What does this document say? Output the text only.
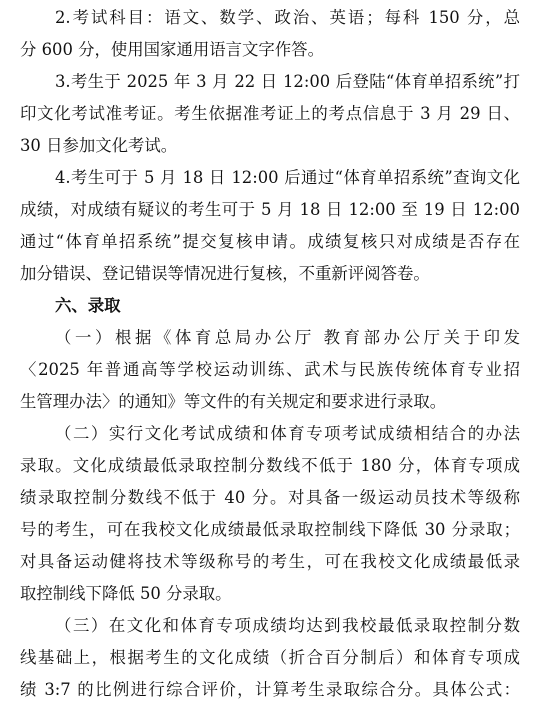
2.考试科目：语文、数学、政治、英语；每科 150 分，总
分 600 分，使用国家通用语言文字作答。
3.考生于 2025 年 3 月 22 日 12:00 后登陆“体育单招系统”打
印文化考试准考证。考生依据准考证上的考点信息于 3 月 29 日、
30 日参加文化考试。
4.考生可于 5 月 18 日 12:00 后通过“体育单招系统”查询文化
成绩，对成绩有疑议的考生可于 5 月 18 日 12:00 至 19 日 12:00
通过“体育单招系统”提交复核申请。成绩复核只对成绩是否存在
加分错误、登记错误等情况进行复核，不重新评阅答卷。
六、录取
（一）根据《体育总局办公厅 教育部办公厅关于印发
〈2025 年普通高等学校运动训练、武术与民族传统体育专业招
生管理办法〉的通知》等文件的有关规定和要求进行录取。
（二）实行文化考试成绩和体育专项考试成绩相结合的办法
录取。文化成绩最低录取控制分数线不低于 180 分，体育专项成
绩录取控制分数线不低于 40 分。对具备一级运动员技术等级称
号的考生，可在我校文化成绩最低录取控制线下降低 30 分录取；
对具备运动健将技术等级称号的考生，可在我校文化成绩最低录
取控制线下降低 50 分录取。
（三）在文化和体育专项成绩均达到我校最低录取控制分数
线基础上，根据考生的文化成绩（折合百分制后）和体育专项成
绩 3:7 的比例进行综合评价，计算考生录取综合分。具体公式：
